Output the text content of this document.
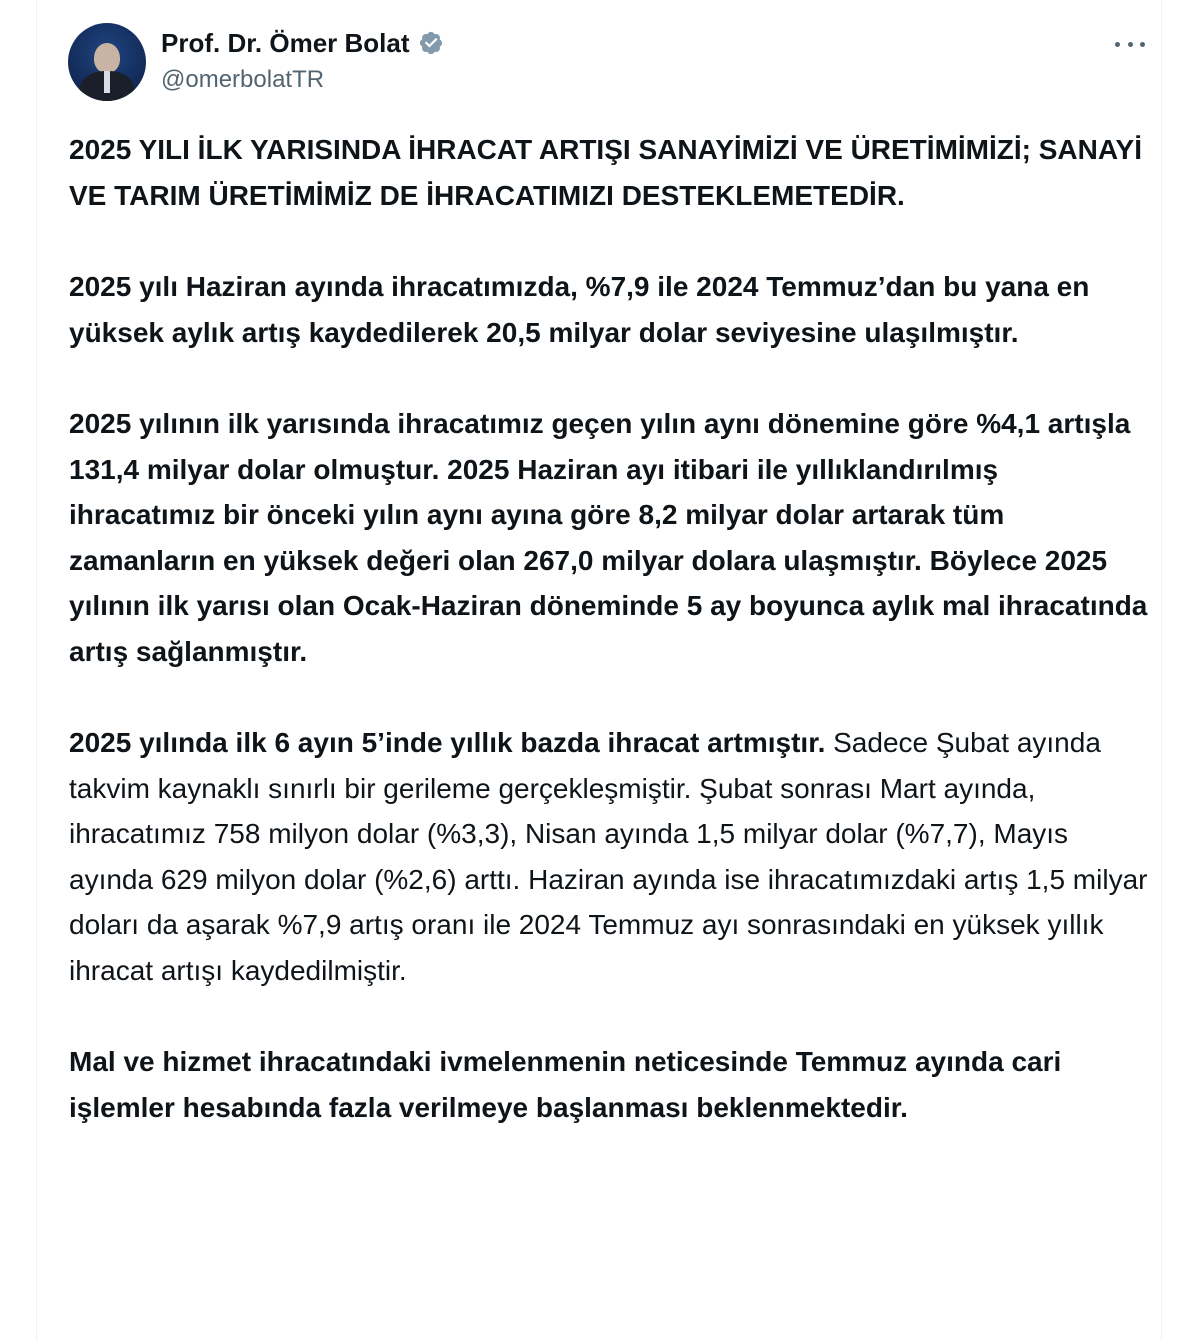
Prof. Dr. Ömer Bolat
@omerbolatTR

2025 YILI İLK YARISINDA İHRACAT ARTIŞI SANAYİMİZİ VE ÜRETİMİMİZİ; SANAYİ VE TARIM ÜRETİMİMİZ DE İHRACATIMIZI DESTEKLEMETEDİR.

2025 yılı Haziran ayında ihracatımızda, %7,9 ile 2024 Temmuz’dan bu yana en yüksek aylık artış kaydedilerek 20,5 milyar dolar seviyesine ulaşılmıştır.

2025 yılının ilk yarısında ihracatımız geçen yılın aynı dönemine göre %4,1 artışla 131,4 milyar dolar olmuştur. 2025 Haziran ayı itibari ile yıllıklandırılmış ihracatımız bir önceki yılın aynı ayına göre 8,2 milyar dolar artarak tüm zamanların en yüksek değeri olan 267,0 milyar dolara ulaşmıştır. Böylece 2025 yılının ilk yarısı olan Ocak-Haziran döneminde 5 ay boyunca aylık mal ihracatında artış sağlanmıştır.

2025 yılında ilk 6 ayın 5’inde yıllık bazda ihracat artmıştır. Sadece Şubat ayında takvim kaynaklı sınırlı bir gerileme gerçekleşmiştir. Şubat sonrası Mart ayında, ihracatımız 758 milyon dolar (%3,3), Nisan ayında 1,5 milyar dolar (%7,7), Mayıs ayında 629 milyon dolar (%2,6) arttı. Haziran ayında ise ihracatımızdaki artış 1,5 milyar doları da aşarak %7,9 artış oranı ile 2024 Temmuz ayı sonrasındaki en yüksek yıllık ihracat artışı kaydedilmiştir.

Mal ve hizmet ihracatındaki ivmelenmenin neticesinde Temmuz ayında cari işlemler hesabında fazla verilmeye başlanması beklenmektedir.
